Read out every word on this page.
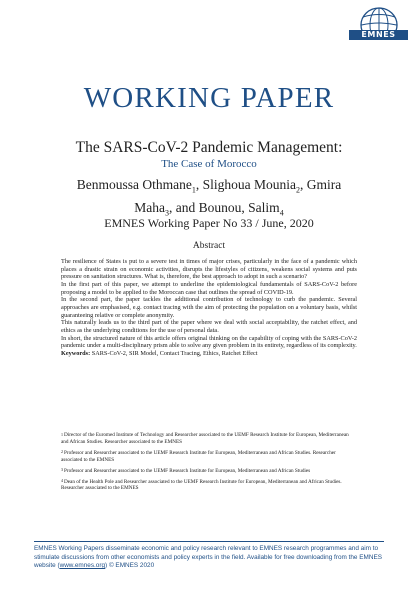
EMNES
WORKING PAPER
The SARS-CoV-2 Pandemic Management:
The Case of Morocco
Benmoussa Othmane$_1$, Slighoua Mounia$_2$, Gmira Maha$_3$, and Bounou, Salim$_4$
EMNES Working Paper No 33 / June, 2020
Abstract

The resilience of States is put to a severe test in times of major crises, particularly in the face of a pandemic which places a drastic strain on economic activities, disrupts the lifestyles of citizens, weakens social systems and puts pressure on sanitation structures. What is, therefore, the best approach to adopt in such a scenario?

In the first part of this paper, we attempt to underline the epidemiological fundamentals of SARS-CoV-2 before proposing a model to be applied to the Moroccan case that outlines the spread of COVID-19.

In the second part, the paper tackles the additional contribution of technology to curb the pandemic. Several approaches are emphasised, e.g. contact tracing with the aim of protecting the population on a voluntary basis, whilst guaranteeing relative or complete anonymity.

This naturally leads us to the third part of the paper where we deal with social acceptability, the ratchet effect, and ethics as the underlying conditions for the use of personal data.

In short, the structured nature of this article offers original thinking on the capability of coping with the SARS-CoV-2 pandemic under a multi-disciplinary prism able to solve any given problem in its entirety, regardless of its complexity.

Keywords: SARS-CoV-2, SIR Model, Contact Tracing, Ethics, Ratchet Effect

$^1$Director of the Euromed Institute of Technology and Researcher associated to the UEMF Research Institute for European, Mediterranean and African Studies. Researcher associated to the EMNES
$^2$Professor and Researcher associated to the UEMF Research Institute for European, Mediterranean and African Studies. Researcher associated to the EMNES
$^3$Professor and Researcher associated to the UEMF Research Institute for European, Mediterranean and African Studies
$^4$Dean of the Health Pole and Researcher associated to the UEMF Research Institute for European, Mediterranean and African Studies. Researcher associated to the EMNES
EMNES Working Papers disseminate economic and policy research relevant to EMNES research programmes and aim to stimulate discussions from other economists and policy experts in the field. Available for free downloading from the EMNES website (www.emnes.org) © EMNES 2020
